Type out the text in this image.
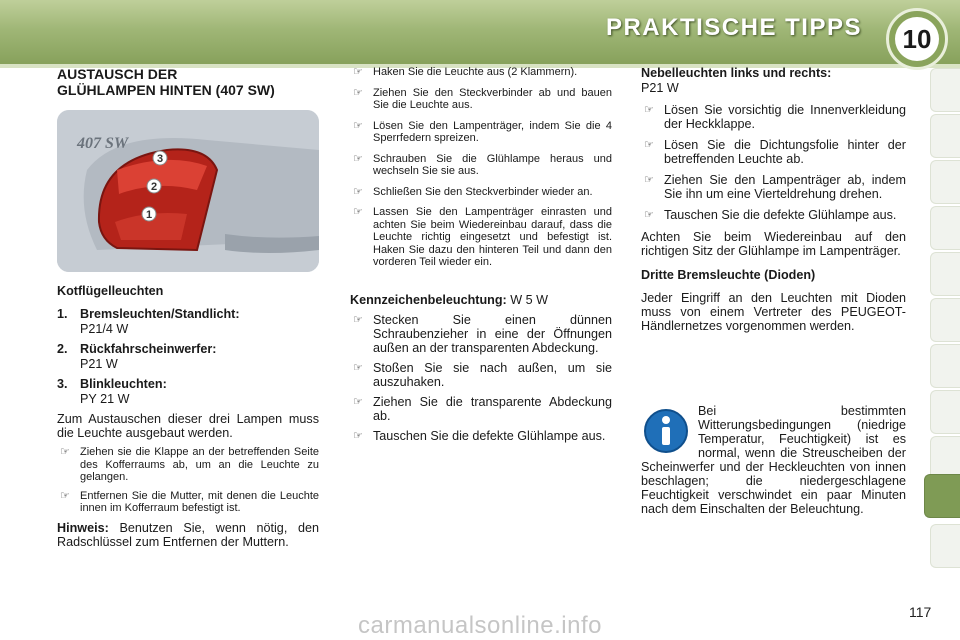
PRAKTISCHE TIPPS 10

AUSTAUSCH DER

GLÜHLAMPEN HINTEN (407 SW)

407 SW
3
2
1

Kotflügelleuchten

1. Bremsleuchten/Standlicht:
P21/4 W
2. Rückfahrscheinwerfer:
P21 W
3. Blinkleuchten:
PY 21 W

Zum Austauschen dieser drei Lampen muss die Leuchte ausgebaut werden.

☞ Ziehen sie die Klappe an der betreffenden Seite des Kofferraums ab, um an die Leuchte zu gelangen.
☞ Entfernen Sie die Mutter, mit denen die Leuchte innen im Kofferraum befestigt ist.

Hinweis: Benutzen Sie, wenn nötig, den Radschlüssel zum Entfernen der Muttern.

☞ Haken Sie die Leuchte aus (2 Klammern).
☞ Ziehen Sie den Steckverbinder ab und bauen Sie die Leuchte aus.
☞ Lösen Sie den Lampenträger, indem Sie die 4 Sperrfedern spreizen.
☞ Schrauben Sie die Glühlampe heraus und wechseln Sie sie aus.
☞ Schließen Sie den Steckverbinder wieder an.
☞ Lassen Sie den Lampenträger einrasten und achten Sie beim Wiedereinbau darauf, dass die Leuchte richtig eingesetzt und befestigt ist. Haken Sie dazu den hinteren Teil und dann den vorderen Teil wieder ein.

Kennzeichenbeleuchtung: W 5 W

☞ Stecken Sie einen dünnen Schraubenzieher in eine der Öffnungen außen an der transparenten Abdeckung.
☞ Stoßen Sie sie nach außen, um sie auszuhaken.
☞ Ziehen Sie die transparente Abdeckung ab.
☞ Tauschen Sie die defekte Glühlampe aus.

Nebelleuchten links und rechts:

P21 W

☞ Lösen Sie vorsichtig die Innenverkleidung der Heckklappe.
☞ Lösen Sie die Dichtungsfolie hinter der betreffenden Leuchte ab.
☞ Ziehen Sie den Lampenträger ab, indem Sie ihn um eine Vierteldrehung drehen.
☞ Tauschen Sie die defekte Glühlampe aus.

Achten Sie beim Wiedereinbau auf den richtigen Sitz der Glühlampe im Lampenträger.

Dritte Bremsleuchte (Dioden)

Jeder Eingriff an den Leuchten mit Dioden muss von einem Vertreter des PEUGEOT-Händlernetzes vorgenommen werden.

Bei bestimmten Witterungsbedingungen (niedrige Temperatur, Feuchtigkeit) ist es normal, wenn die Streuscheiben der Scheinwerfer und der Heckleuchten von innen beschlagen; die niedergeschlagene Feuchtigkeit verschwindet ein paar Minuten nach dem Einschalten der Beleuchtung.

117
carmanualsonline.info
